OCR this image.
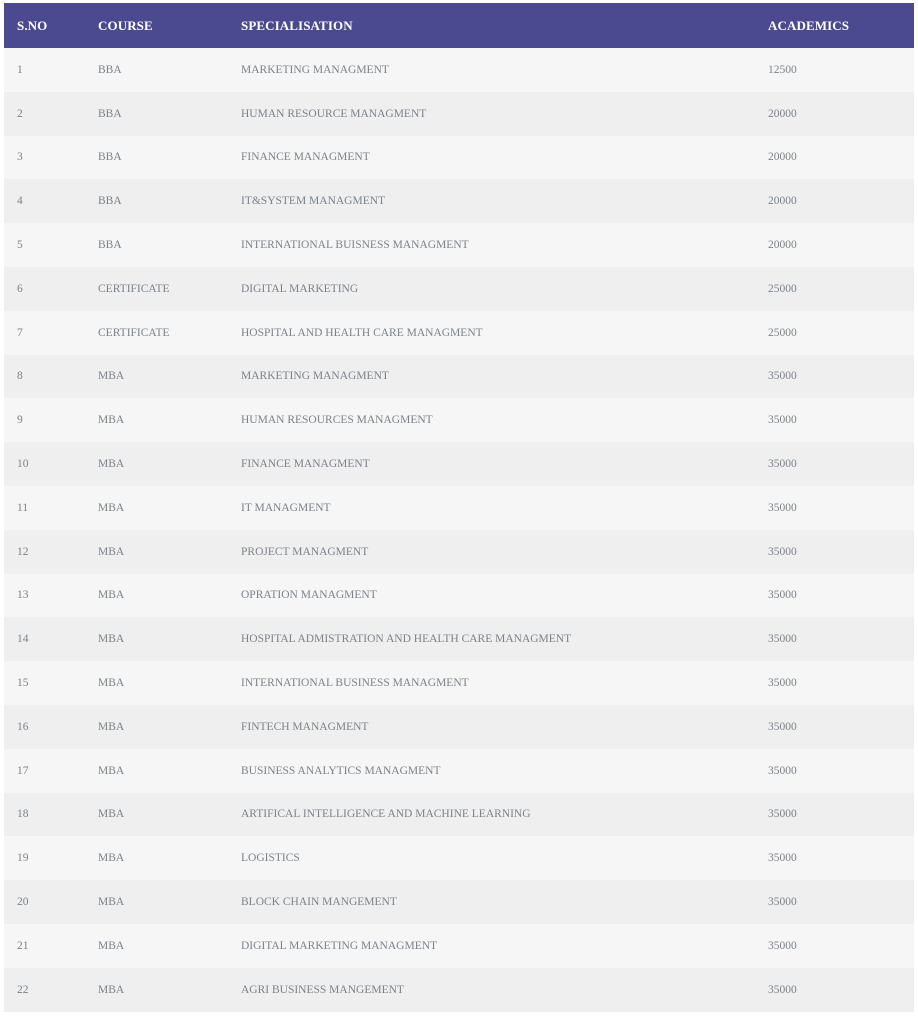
S.NO	COURSE	SPECIALISATION	ACADEMICS
1	BBA	MARKETING MANAGMENT	12500
2	BBA	HUMAN RESOURCE MANAGMENT	20000
3	BBA	FINANCE MANAGMENT	20000
4	BBA	IT&SYSTEM MANAGMENT	20000
5	BBA	INTERNATIONAL BUISNESS MANAGMENT	20000
6	CERTIFICATE	DIGITAL MARKETING	25000
7	CERTIFICATE	HOSPITAL AND HEALTH CARE MANAGMENT	25000
8	MBA	MARKETING MANAGMENT	35000
9	MBA	HUMAN RESOURCES MANAGMENT	35000
10	MBA	FINANCE MANAGMENT	35000
11	MBA	IT MANAGMENT	35000
12	MBA	PROJECT MANAGMENT	35000
13	MBA	OPRATION MANAGMENT	35000
14	MBA	HOSPITAL ADMISTRATION AND HEALTH CARE MANAGMENT	35000
15	MBA	INTERNATIONAL BUSINESS MANAGMENT	35000
16	MBA	FINTECH MANAGMENT	35000
17	MBA	BUSINESS ANALYTICS MANAGMENT	35000
18	MBA	ARTIFICAL INTELLIGENCE AND MACHINE LEARNING	35000
19	MBA	LOGISTICS	35000
20	MBA	BLOCK CHAIN MANGEMENT	35000
21	MBA	DIGITAL MARKETING MANAGMENT	35000
22	MBA	AGRI BUSINESS MANGEMENT	35000
